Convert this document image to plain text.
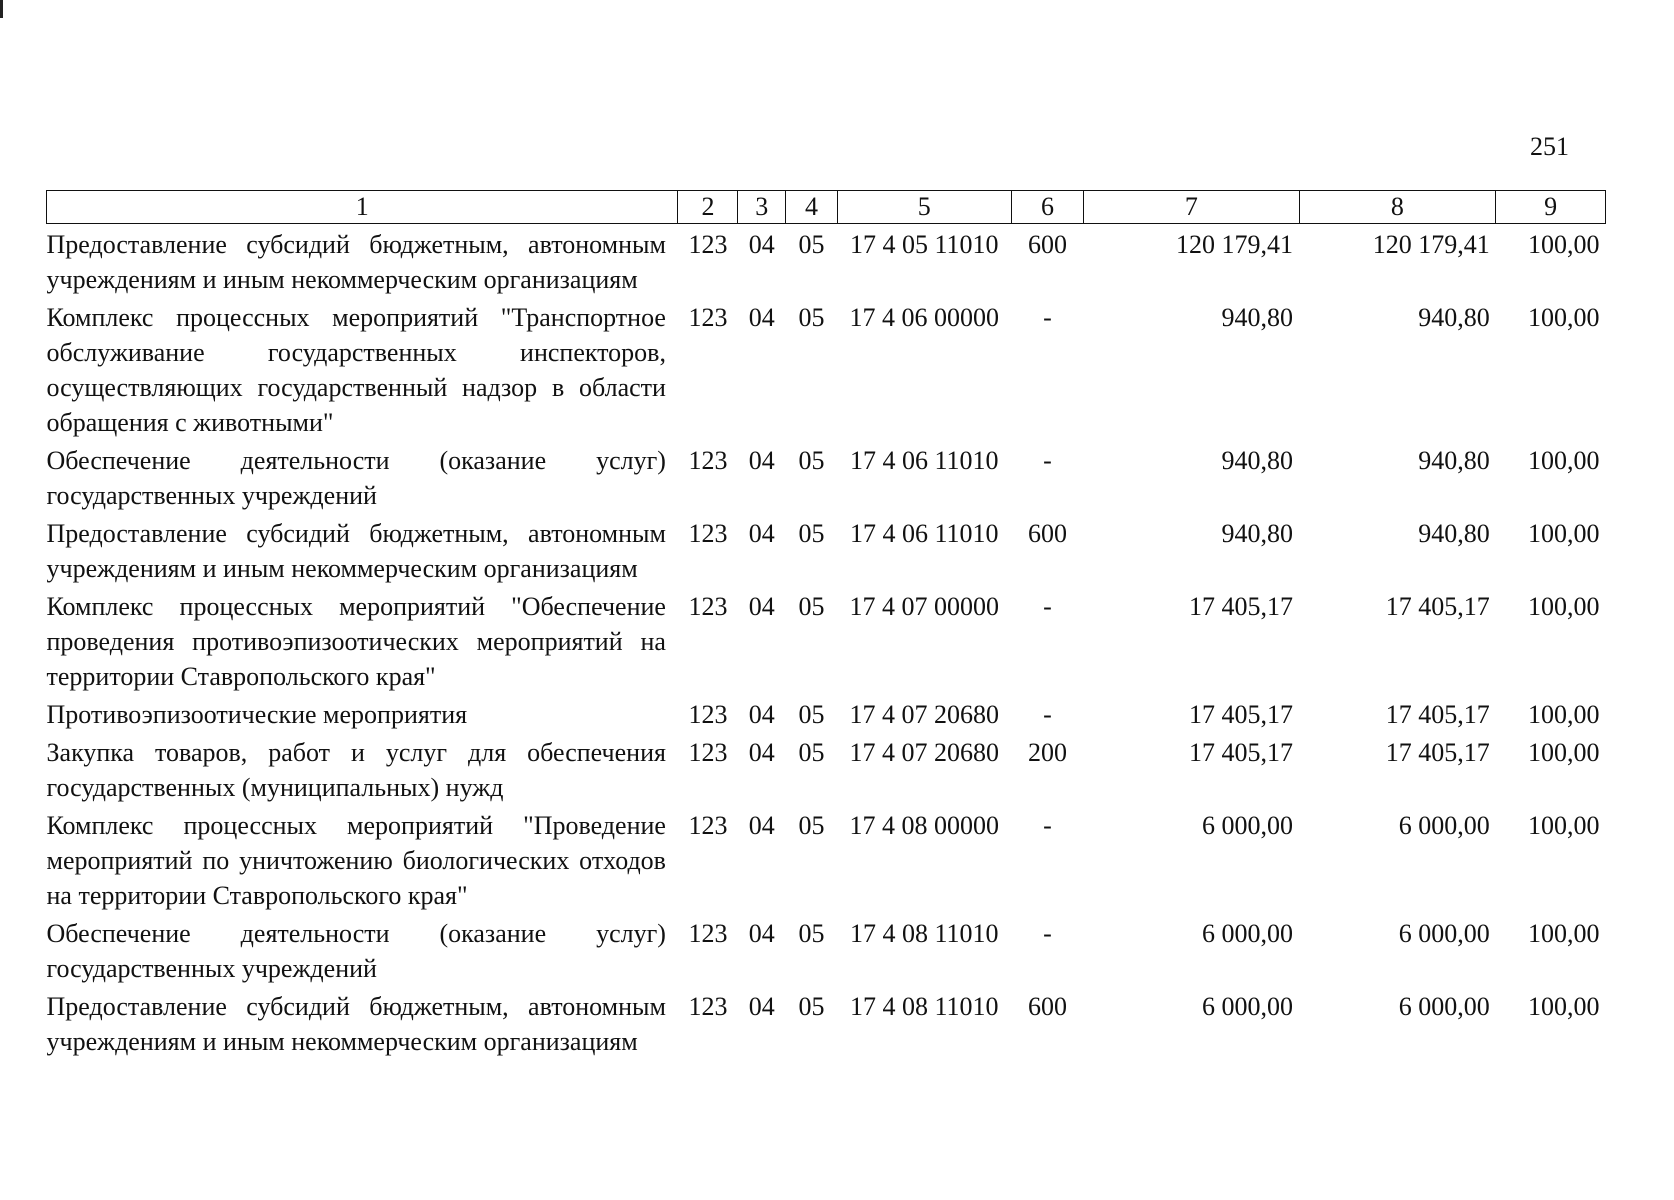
251
1	2	3	4	5	6	7	8	9
Предоставление субсидий бюджетным, автономным учреждениям и иным некоммерческим организациям	123	04	05	17 4 05 11010	600	120 179,41	120 179,41	100,00
Комплекс процессных мероприятий "Транспортное обслуживание государственных инспекторов, осуществляющих государственный надзор в области обращения с животными"	123	04	05	17 4 06 00000	-	940,80	940,80	100,00
Обеспечение деятельности (оказание услуг) государственных учреждений	123	04	05	17 4 06 11010	-	940,80	940,80	100,00
Предоставление субсидий бюджетным, автономным учреждениям и иным некоммерческим организациям	123	04	05	17 4 06 11010	600	940,80	940,80	100,00
Комплекс процессных мероприятий "Обеспечение проведения противоэпизоотических мероприятий на территории Ставропольского края"	123	04	05	17 4 07 00000	-	17 405,17	17 405,17	100,00
Противоэпизоотические мероприятия	123	04	05	17 4 07 20680	-	17 405,17	17 405,17	100,00
Закупка товаров, работ и услуг для обеспечения государственных (муниципальных) нужд	123	04	05	17 4 07 20680	200	17 405,17	17 405,17	100,00
Комплекс процессных мероприятий "Проведение мероприятий по уничтожению биологических отходов на территории Ставропольского края"	123	04	05	17 4 08 00000	-	6 000,00	6 000,00	100,00
Обеспечение деятельности (оказание услуг) государственных учреждений	123	04	05	17 4 08 11010	-	6 000,00	6 000,00	100,00
Предоставление субсидий бюджетным, автономным учреждениям и иным некоммерческим организациям	123	04	05	17 4 08 11010	600	6 000,00	6 000,00	100,00
